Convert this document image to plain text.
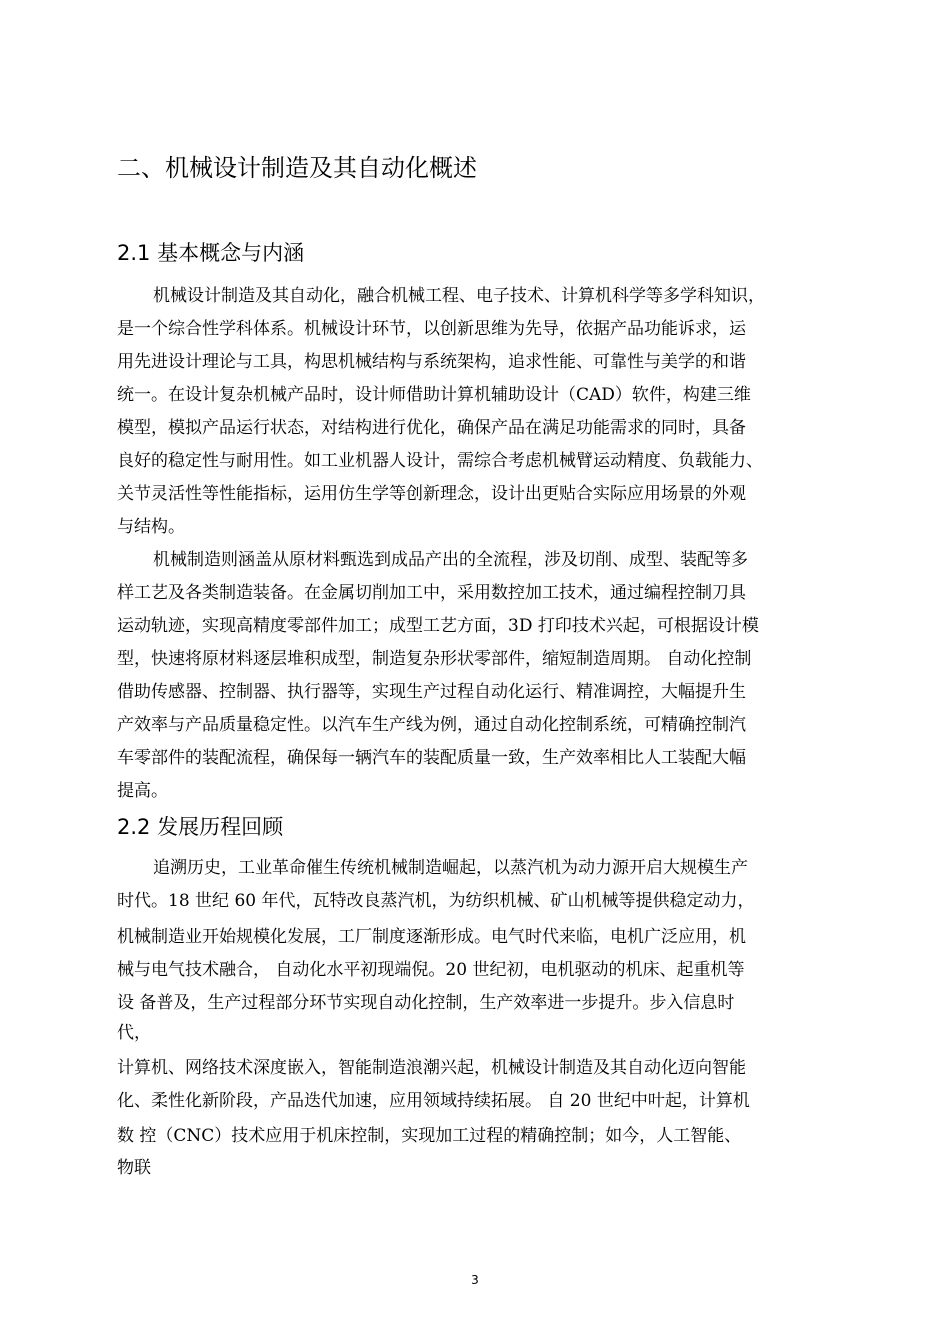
二、机械设计制造及其自动化概述
2.1 基本概念与内涵
机械设计制造及其自动化，融合机械工程、电子技术、计算机科学等多学科知识，
是一个综合性学科体系。机械设计环节，以创新思维为先导，依据产品功能诉求，运
用先进设计理论与工具，构思机械结构与系统架构，追求性能、可靠性与美学的和谐
统一。在设计复杂机械产品时，设计师借助计算机辅助设计（CAD）软件，构建三维
模型，模拟产品运行状态，对结构进行优化，确保产品在满足功能需求的同时，具备
良好的稳定性与耐用性。如工业机器人设计，需综合考虑机械臂运动精度、负载能力、
关节灵活性等性能指标，运用仿生学等创新理念，设计出更贴合实际应用场景的外观
与结构。
机械制造则涵盖从原材料甄选到成品产出的全流程，涉及切削、成型、装配等多
样工艺及各类制造装备。在金属切削加工中，采用数控加工技术，通过编程控制刀具
运动轨迹，实现高精度零部件加工；成型工艺方面，3D 打印技术兴起，可根据设计模
型，快速将原材料逐层堆积成型，制造复杂形状零部件，缩短制造周期。 自动化控制
借助传感器、控制器、执行器等，实现生产过程自动化运行、精准调控，大幅提升生
产效率与产品质量稳定性。以汽车生产线为例，通过自动化控制系统，可精确控制汽
车零部件的装配流程，确保每一辆汽车的装配质量一致，生产效率相比人工装配大幅
提高。
2.2 发展历程回顾
追溯历史，工业革命催生传统机械制造崛起，以蒸汽机为动力源开启大规模生产
时代。18 世纪 60 年代，瓦特改良蒸汽机，为纺织机械、矿山机械等提供稳定动力，
机械制造业开始规模化发展，工厂制度逐渐形成。电气时代来临，电机广泛应用，机
械与电气技术融合， 自动化水平初现端倪。20 世纪初，电机驱动的机床、起重机等
设 备普及，生产过程部分环节实现自动化控制，生产效率进一步提升。步入信息时
代，
计算机、网络技术深度嵌入，智能制造浪潮兴起，机械设计制造及其自动化迈向智能
化、柔性化新阶段，产品迭代加速，应用领域持续拓展。 自 20 世纪中叶起，计算机
数 控（CNC）技术应用于机床控制，实现加工过程的精确控制；如今，人工智能、
物联
3
